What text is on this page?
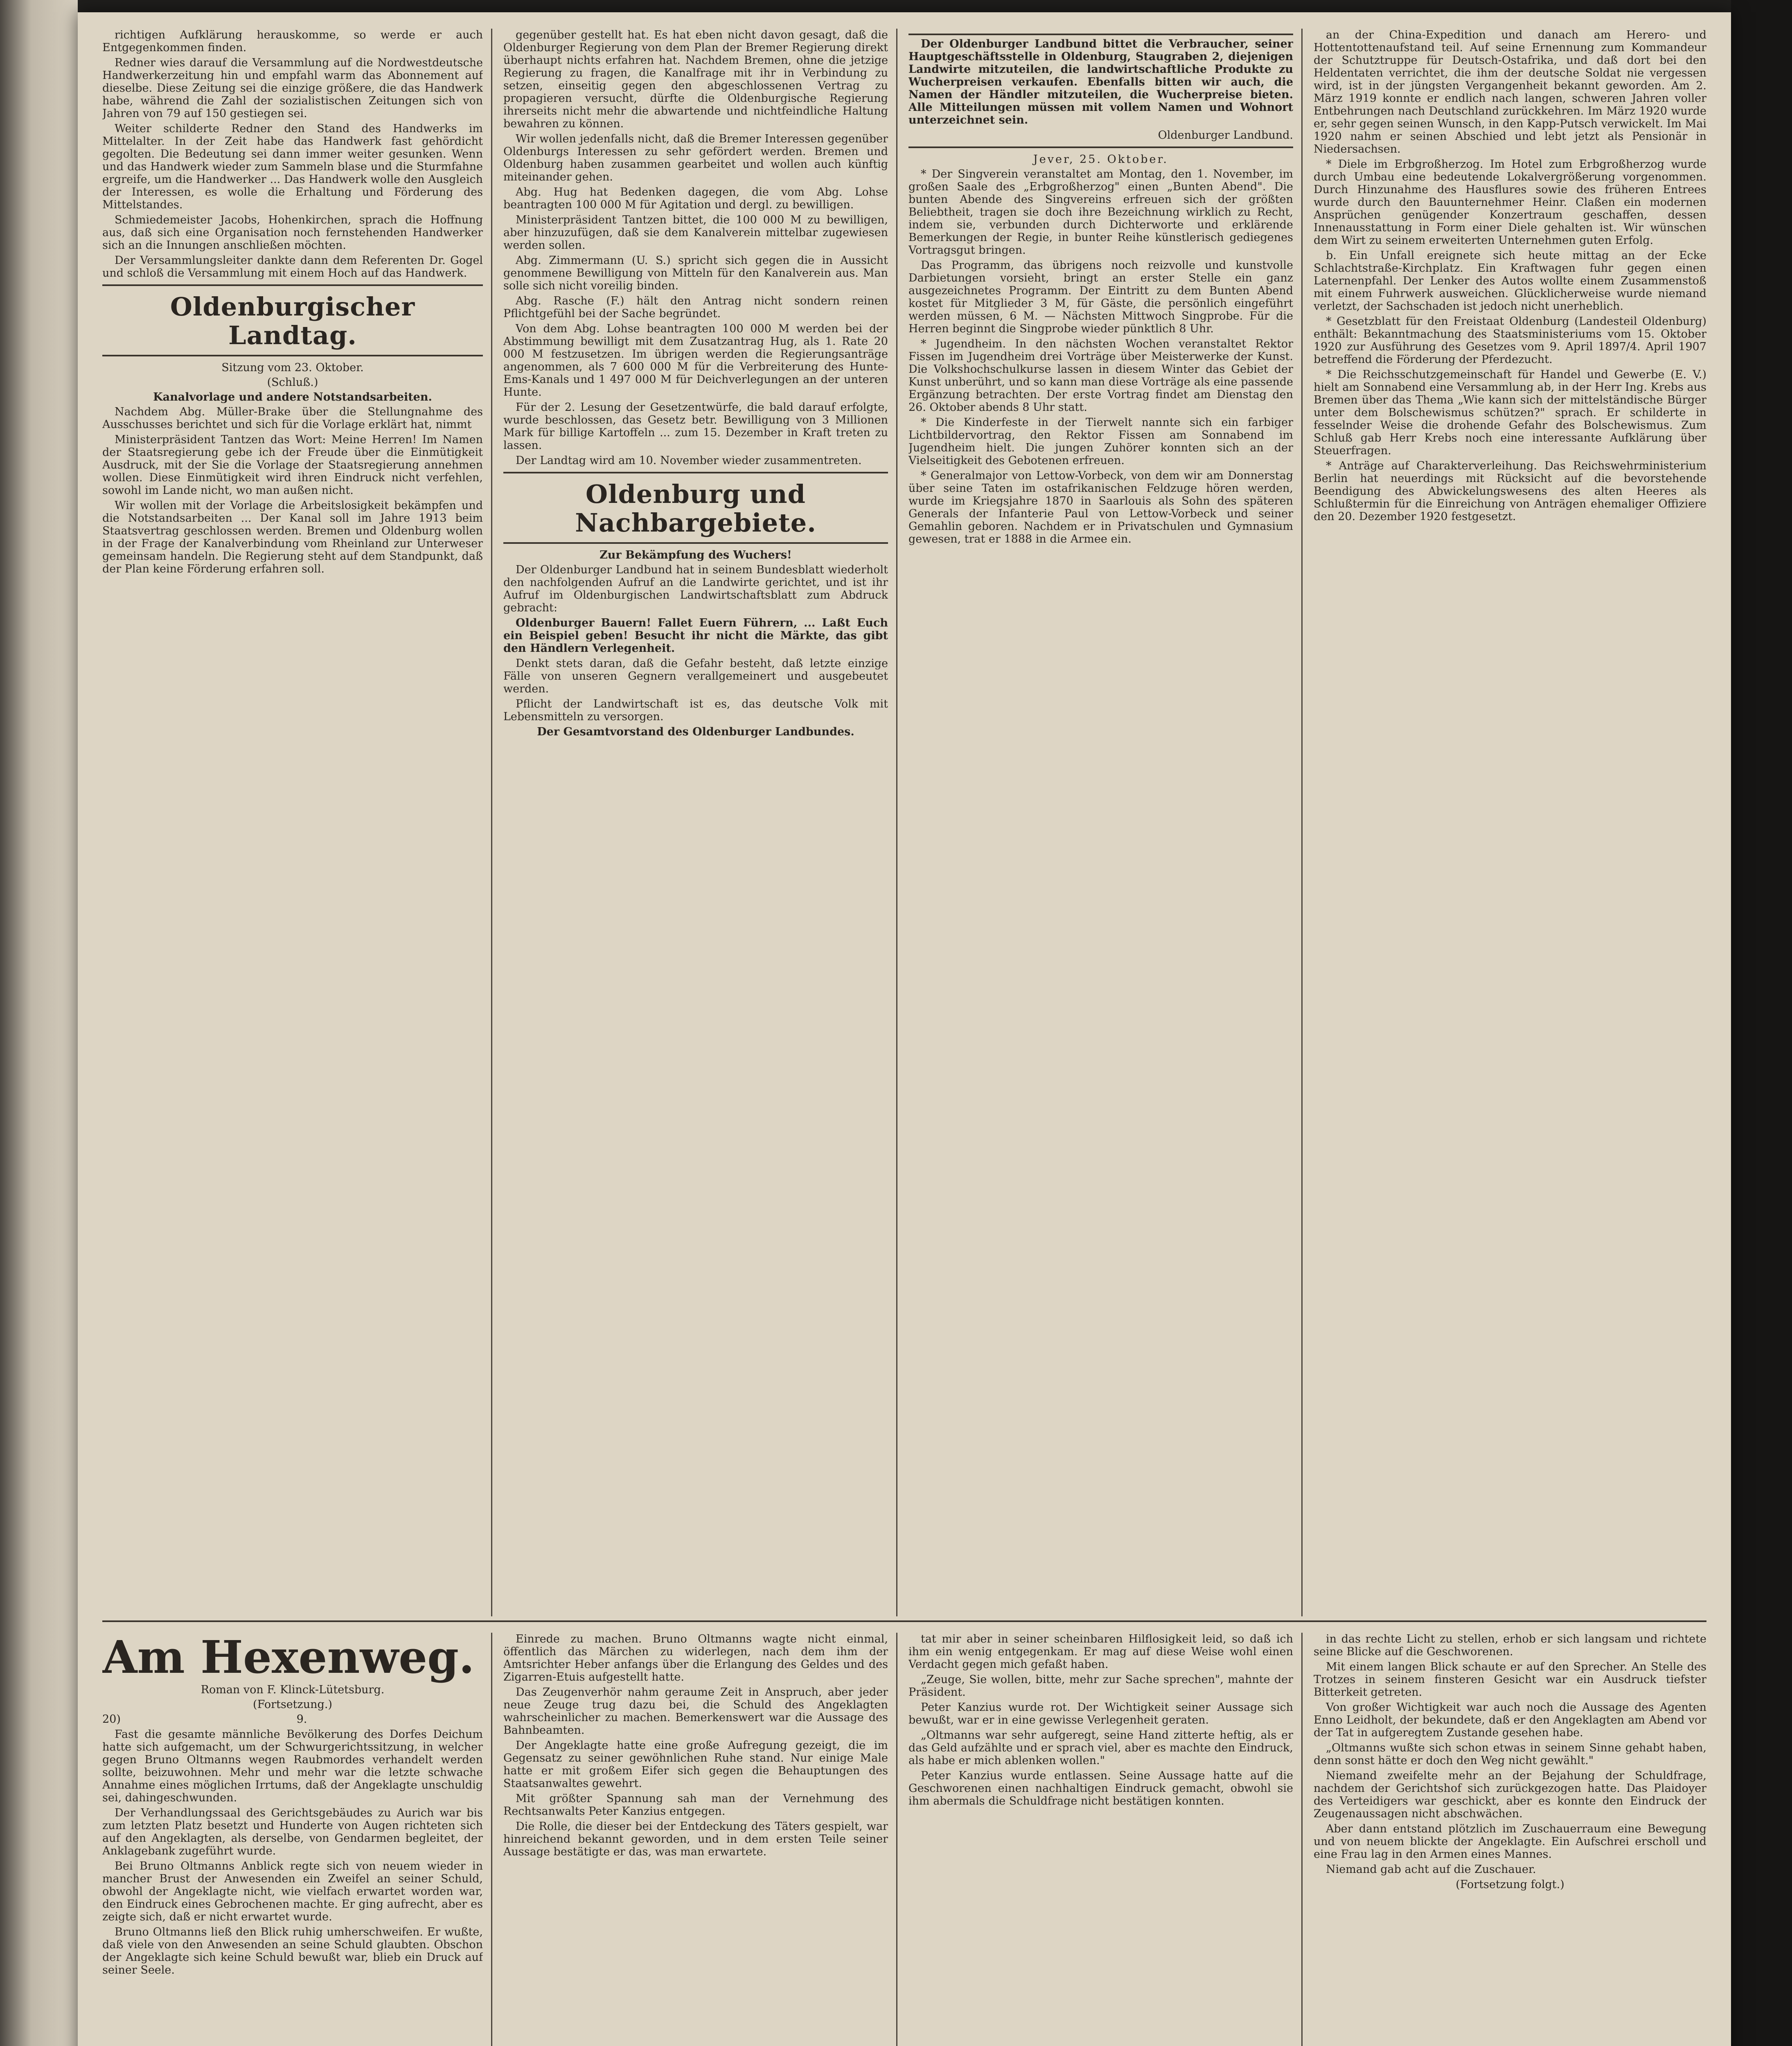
richtigen Aufklärung herauskomme, so werde er auch Entgegenkommen finden.

Redner wies darauf die Versammlung auf die Nordwestdeutsche Handwerkerzeitung hin und empfahl warm das Abonnement auf dieselbe. Diese Zeitung sei die einzige größere, die das Handwerk habe, während die Zahl der sozialistischen Zeitungen sich von Jahren von 79 auf 150 gestiegen sei.

Weiter schilderte Redner den Stand des Handwerks im Mittelalter. In der Zeit habe das Handwerk fast gehördicht gegolten. Die Bedeutung sei dann immer weiter gesunken. Wenn und das Handwerk wieder zum Sammeln blase und die Sturmfahne ergreife, um die Handwerker ... Das Handwerk wolle den Ausgleich der Interessen, es wolle die Erhaltung und Förderung des Mittelstandes.

Schmiedemeister Jacobs, Hohenkirchen, sprach die Hoffnung aus, daß sich eine Organisation noch fernstehenden Handwerker sich an die Innungen anschließen möchten.

Der Versammlungsleiter dankte dann dem Referenten Dr. Gogel und schloß die Versammlung mit einem Hoch auf das Handwerk.

Oldenburgischer Landtag.
Sitzung vom 23. Oktober.
(Schluß.)
Kanalvorlage und andere Notstandsarbeiten.

Nachdem Abg. Müller-Brake über die Stellungnahme des Ausschusses berichtet und sich für die Vorlage erklärt hat, nimmt

Ministerpräsident Tantzen das Wort: Meine Herren! Im Namen der Staatsregierung gebe ich der Freude über die Einmütigkeit Ausdruck, mit der Sie die Vorlage der Staatsregierung annehmen wollen. Diese Einmütigkeit wird ihren Eindruck nicht verfehlen, sowohl im Lande nicht, wo man außen nicht.

Wir wollen mit der Vorlage die Arbeitslosigkeit bekämpfen und die Notstandsarbeiten ... Der Kanal soll im Jahre 1913 beim Staatsvertrag geschlossen werden. Bremen und Oldenburg wollen in der Frage der Kanalverbindung vom Rheinland zur Unterweser gemeinsam handeln. Die Regierung steht auf dem Standpunkt, daß der Plan keine Förderung erfahren soll.

gegenüber gestellt hat. Es hat eben nicht davon gesagt, daß die Oldenburger Regierung von dem Plan der Bremer Regierung direkt überhaupt nichts erfahren hat. Nachdem Bremen, ohne die jetzige Regierung zu fragen, die Kanalfrage mit ihr in Verbindung zu setzen, einseitig gegen den abgeschlossenen Vertrag zu propagieren versucht, dürfte die Oldenburgische Regierung ihrerseits nicht mehr die abwartende und nichtfeindliche Haltung bewahren zu können.

Wir wollen jedenfalls nicht, daß die Bremer Interessen gegenüber Oldenburgs Interessen zu sehr gefördert werden. Bremen und Oldenburg haben zusammen gearbeitet und wollen auch künftig miteinander gehen.

Abg. Hug hat Bedenken dagegen, die vom Abg. Lohse beantragten 100 000 M für Agitation und dergl. zu bewilligen.

Ministerpräsident Tantzen bittet, die 100 000 M zu bewilligen, aber hinzuzufügen, daß sie dem Kanalverein mittelbar zugewiesen werden sollen.

Abg. Zimmermann (U. S.) spricht sich gegen die in Aussicht genommene Bewilligung von Mitteln für den Kanalverein aus. Man solle sich nicht voreilig binden.

Abg. Rasche (F.) hält den Antrag nicht sondern reinen Pflichtgefühl bei der Sache begründet.

Von dem Abg. Lohse beantragten 100 000 M werden bei der Abstimmung bewilligt mit dem Zusatzantrag Hug, als 1. Rate 20 000 M festzusetzen. Im übrigen werden die Regierungsanträge angenommen, als 7 600 000 M für die Verbreiterung des Hunte-Ems-Kanals und 1 497 000 M für Deichverlegungen an der unteren Hunte.

Für der 2. Lesung der Gesetzentwürfe, die bald darauf erfolgte, wurde beschlossen, das Gesetz betr. Bewilligung von 3 Millionen Mark für billige Kartoffeln ... zum 15. Dezember in Kraft treten zu lassen.

Der Landtag wird am 10. November wieder zusammentreten.

Oldenburg und Nachbargebiete.
Zur Bekämpfung des Wuchers!

Der Oldenburger Landbund hat in seinem Bundesblatt wiederholt den nachfolgenden Aufruf an die Landwirte gerichtet, und ist ihr Aufruf im Oldenburgischen Landwirtschaftsblatt zum Abdruck gebracht:

Oldenburger Bauern! Fallet Euern Führern, ... Laßt Euch ein Beispiel geben! Besucht ihr nicht die Märkte, das gibt den Händlern Verlegenheit.

Denkt stets daran, daß die Gefahr besteht, daß letzte einzige Fälle von unseren Gegnern verallgemeinert und ausgebeutet werden.

Pflicht der Landwirtschaft ist es, das deutsche Volk mit Lebensmitteln zu versorgen.

Der Gesamtvorstand des Oldenburger Landbundes.

Der Oldenburger Landbund bittet die Verbraucher, seiner Hauptgeschäftsstelle in Oldenburg, Staugraben 2, diejenigen Landwirte mitzuteilen, die landwirtschaftliche Produkte zu Wucherpreisen verkaufen. Ebenfalls bitten wir auch, die Namen der Händler mitzuteilen, die Wucherpreise bieten. Alle Mitteilungen müssen mit vollem Namen und Wohnort unterzeichnet sein.

Oldenburger Landbund.

Jever, 25. Oktober.

* Der Singverein veranstaltet am Montag, den 1. November, im großen Saale des „Erbgroßherzog" einen „Bunten Abend". Die bunten Abende des Singvereins erfreuen sich der größten Beliebtheit, tragen sie doch ihre Bezeichnung wirklich zu Recht, indem sie, verbunden durch Dichterworte und erklärende Bemerkungen der Regie, in bunter Reihe künstlerisch gediegenes Vortragsgut bringen.

Das Programm, das übrigens noch reizvolle und kunstvolle Darbietungen vorsieht, bringt an erster Stelle ein ganz ausgezeichnetes Programm. Der Eintritt zu dem Bunten Abend kostet für Mitglieder 3 M, für Gäste, die persönlich eingeführt werden müssen, 6 M. — Nächsten Mittwoch Singprobe. Für die Herren beginnt die Singprobe wieder pünktlich 8 Uhr.

* Jugendheim. In den nächsten Wochen veranstaltet Rektor Fissen im Jugendheim drei Vorträge über Meisterwerke der Kunst. Die Volkshochschulkurse lassen in diesem Winter das Gebiet der Kunst unberührt, und so kann man diese Vorträge als eine passende Ergänzung betrachten. Der erste Vortrag findet am Dienstag den 26. Oktober abends 8 Uhr statt.

* Die Kinderfeste in der Tierwelt nannte sich ein farbiger Lichtbildervortrag, den Rektor Fissen am Sonnabend im Jugendheim hielt. Die jungen Zuhörer konnten sich an der Vielseitigkeit des Gebotenen erfreuen.

* Generalmajor von Lettow-Vorbeck, von dem wir am Donnerstag über seine Taten im ostafrikanischen Feldzuge hören werden, wurde im Kriegsjahre 1870 in Saarlouis als Sohn des späteren Generals der Infanterie Paul von Lettow-Vorbeck und seiner Gemahlin geboren. Nachdem er in Privatschulen und Gymnasium gewesen, trat er 1888 in die Armee ein.

an der China-Expedition und danach am Herero- und Hottentottenaufstand teil. Auf seine Ernennung zum Kommandeur der Schutztruppe für Deutsch-Ostafrika, und daß dort bei den Heldentaten verrichtet, die ihm der deutsche Soldat nie vergessen wird, ist in der jüngsten Vergangenheit bekannt geworden. Am 2. März 1919 konnte er endlich nach langen, schweren Jahren voller Entbehrungen nach Deutschland zurückkehren. Im März 1920 wurde er, sehr gegen seinen Wunsch, in den Kapp-Putsch verwickelt. Im Mai 1920 nahm er seinen Abschied und lebt jetzt als Pensionär in Niedersachsen.

* Diele im Erbgroßherzog. Im Hotel zum Erbgroßherzog wurde durch Umbau eine bedeutende Lokalvergrößerung vorgenommen. Durch Hinzunahme des Hausflures sowie des früheren Entrees wurde durch den Bauunternehmer Heinr. Claßen ein modernen Ansprüchen genügender Konzertraum geschaffen, dessen Innenausstattung in Form einer Diele gehalten ist. Wir wünschen dem Wirt zu seinem erweiterten Unternehmen guten Erfolg.

b. Ein Unfall ereignete sich heute mittag an der Ecke Schlachtstraße-Kirchplatz. Ein Kraftwagen fuhr gegen einen Laternenpfahl. Der Lenker des Autos wollte einem Zusammenstoß mit einem Fuhrwerk ausweichen. Glücklicherweise wurde niemand verletzt, der Sachschaden ist jedoch nicht unerheblich.

* Gesetzblatt für den Freistaat Oldenburg (Landesteil Oldenburg) enthält: Bekanntmachung des Staatsministeriums vom 15. Oktober 1920 zur Ausführung des Gesetzes vom 9. April 1897/4. April 1907 betreffend die Förderung der Pferdezucht.

* Die Reichsschutzgemeinschaft für Handel und Gewerbe (E. V.) hielt am Sonnabend eine Versammlung ab, in der Herr Ing. Krebs aus Bremen über das Thema „Wie kann sich der mittelständische Bürger unter dem Bolschewismus schützen?" sprach. Er schilderte in fesselnder Weise die drohende Gefahr des Bolschewismus. Zum Schluß gab Herr Krebs noch eine interessante Aufklärung über Steuerfragen.

* Anträge auf Charakterverleihung. Das Reichswehrministerium Berlin hat neuerdings mit Rücksicht auf die bevorstehende Beendigung des Abwickelungswesens des alten Heeres als Schlußtermin für die Einreichung von Anträgen ehemaliger Offiziere den 20. Dezember 1920 festgesetzt.

Am Hexenweg.
Roman von F. Klinck-Lütetsburg.
(Fortsetzung.)
20)	9.

Fast die gesamte männliche Bevölkerung des Dorfes Deichum hatte sich aufgemacht, um der Schwurgerichtssitzung, in welcher gegen Bruno Oltmanns wegen Raubmordes verhandelt werden sollte, beizuwohnen. Mehr und mehr war die letzte schwache Annahme eines möglichen Irrtums, daß der Angeklagte unschuldig sei, dahingeschwunden.

Der Verhandlungssaal des Gerichtsgebäudes zu Aurich war bis zum letzten Platz besetzt und Hunderte von Augen richteten sich auf den Angeklagten, als derselbe, von Gendarmen begleitet, der Anklagebank zugeführt wurde.

Bei Bruno Oltmanns Anblick regte sich von neuem wieder in mancher Brust der Anwesenden ein Zweifel an seiner Schuld, obwohl der Angeklagte nicht, wie vielfach erwartet worden war, den Eindruck eines Gebrochenen machte. Er ging aufrecht, aber es zeigte sich, daß er nicht erwartet wurde.

Bruno Oltmanns ließ den Blick ruhig umherschweifen. Er wußte, daß viele von den Anwesenden an seine Schuld glaubten. Obschon der Angeklagte sich keine Schuld bewußt war, blieb ein Druck auf seiner Seele.

Einrede zu machen. Bruno Oltmanns wagte nicht einmal, öffentlich das Märchen zu widerlegen, nach dem ihm der Amtsrichter Heber anfangs über die Erlangung des Geldes und des Zigarren-Etuis aufgestellt hatte.

Das Zeugenverhör nahm geraume Zeit in Anspruch, aber jeder neue Zeuge trug dazu bei, die Schuld des Angeklagten wahrscheinlicher zu machen. Bemerkenswert war die Aussage des Bahnbeamten.

Der Angeklagte hatte eine große Aufregung gezeigt, die im Gegensatz zu seiner gewöhnlichen Ruhe stand. Nur einige Male hatte er mit großem Eifer sich gegen die Behauptungen des Staatsanwaltes gewehrt.

Mit größter Spannung sah man der Vernehmung des Rechtsanwalts Peter Kanzius entgegen.

Die Rolle, die dieser bei der Entdeckung des Täters gespielt, war hinreichend bekannt geworden, und in dem ersten Teile seiner Aussage bestätigte er das, was man erwartete.

tat mir aber in seiner scheinbaren Hilflosigkeit leid, so daß ich ihm ein wenig entgegenkam. Er mag auf diese Weise wohl einen Verdacht gegen mich gefaßt haben.

„Zeuge, Sie wollen, bitte, mehr zur Sache sprechen", mahnte der Präsident.

Peter Kanzius wurde rot. Der Wichtigkeit seiner Aussage sich bewußt, war er in eine gewisse Verlegenheit geraten.

„Oltmanns war sehr aufgeregt, seine Hand zitterte heftig, als er das Geld aufzählte und er sprach viel, aber es machte den Eindruck, als habe er mich ablenken wollen."

Peter Kanzius wurde entlassen. Seine Aussage hatte auf die Geschworenen einen nachhaltigen Eindruck gemacht, obwohl sie ihm abermals die Schuldfrage nicht bestätigen konnten.

in das rechte Licht zu stellen, erhob er sich langsam und richtete seine Blicke auf die Geschworenen.

Mit einem langen Blick schaute er auf den Sprecher. An Stelle des Trotzes in seinem finsteren Gesicht war ein Ausdruck tiefster Bitterkeit getreten.

Von großer Wichtigkeit war auch noch die Aussage des Agenten Enno Leidholt, der bekundete, daß er den Angeklagten am Abend vor der Tat in aufgeregtem Zustande gesehen habe.

„Oltmanns wußte sich schon etwas in seinem Sinne gehabt haben, denn sonst hätte er doch den Weg nicht gewählt."

Niemand zweifelte mehr an der Bejahung der Schuldfrage, nachdem der Gerichtshof sich zurückgezogen hatte. Das Plaidoyer des Verteidigers war geschickt, aber es konnte den Eindruck der Zeugenaussagen nicht abschwächen.

Aber dann entstand plötzlich im Zuschauerraum eine Bewegung und von neuem blickte der Angeklagte. Ein Aufschrei erscholl und eine Frau lag in den Armen eines Mannes.

Niemand gab acht auf die Zuschauer.

(Fortsetzung folgt.)
